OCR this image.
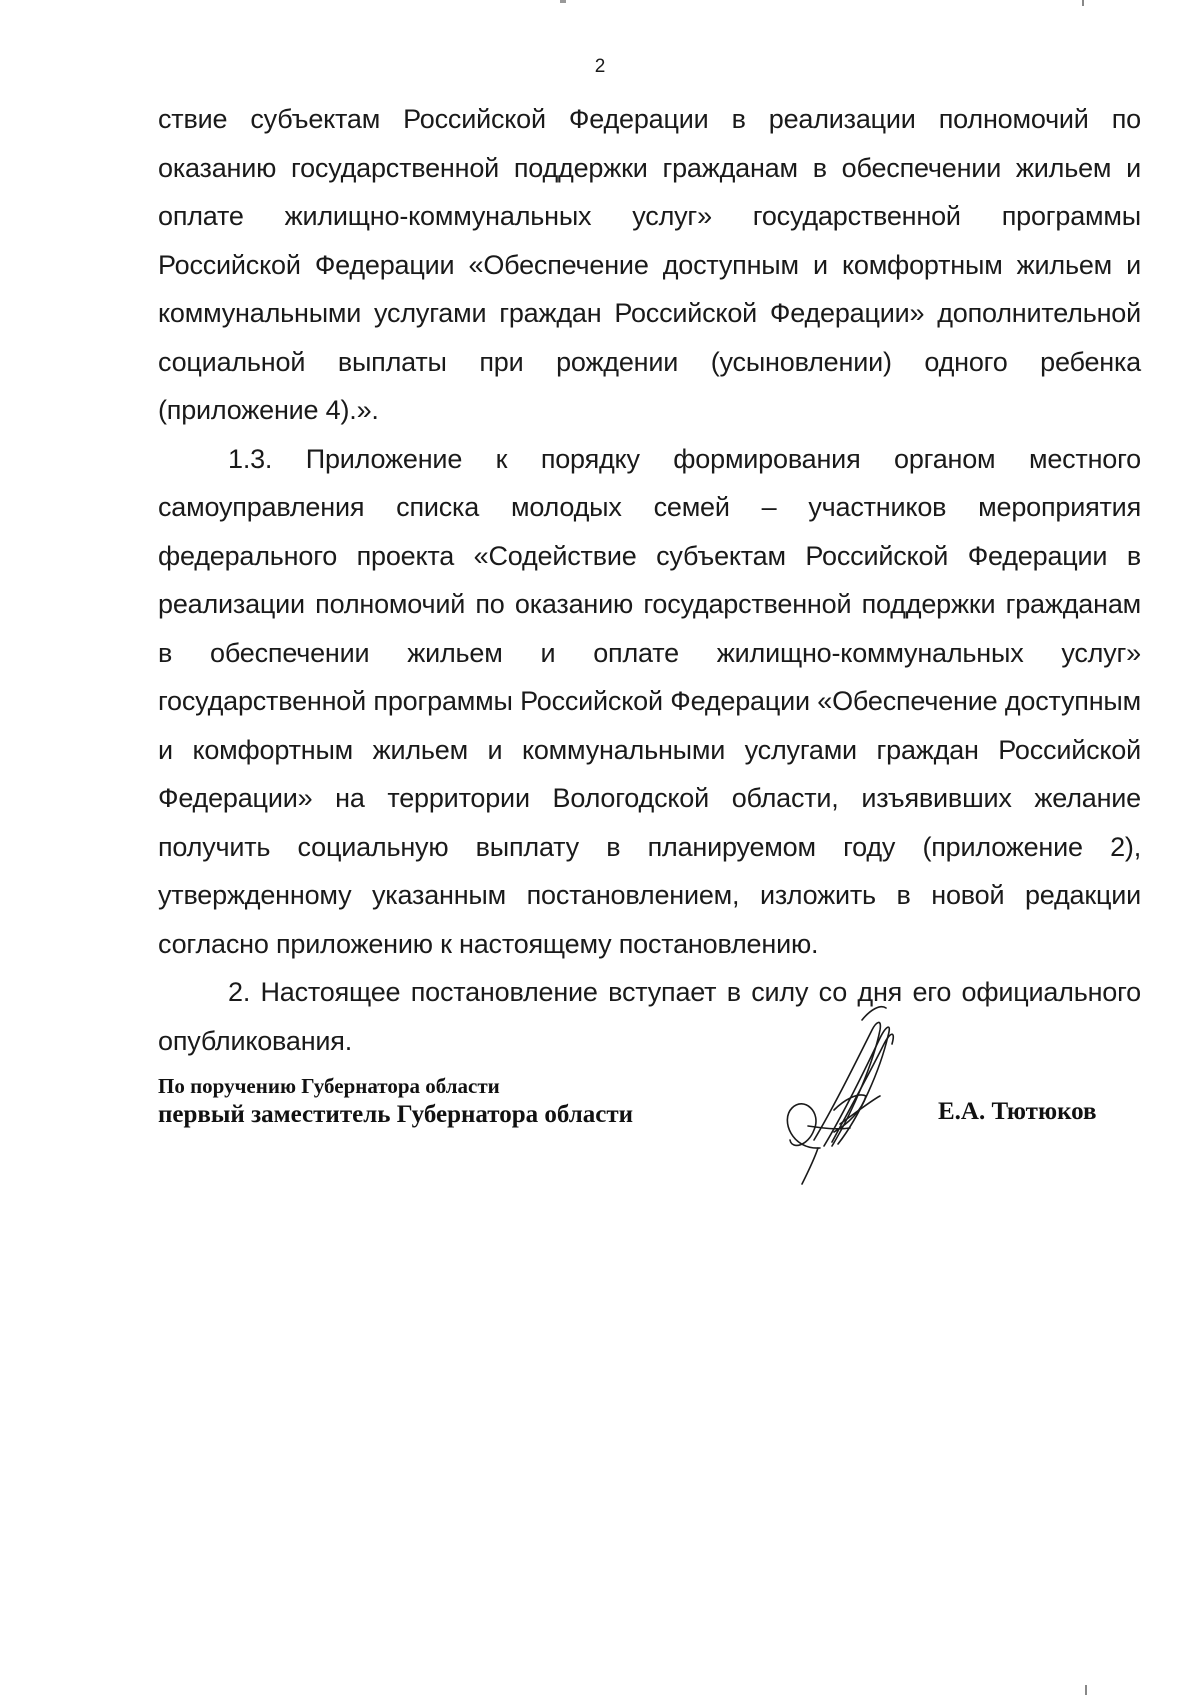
2

ствие субъектам Российской Федерации в реализации полномочий по оказанию государственной поддержки гражданам в обеспечении жильем и оплате жилищно-коммунальных услуг» государственной программы Российской Федерации «Обеспечение доступным и комфортным жильем и коммунальными услугами граждан Российской Федерации» дополнительной социальной выплаты при рождении (усыновлении) одного ребенка (приложение 4).».

1.3. Приложение к порядку формирования органом местного самоуправления списка молодых семей – участников мероприятия федерального проекта «Содействие субъектам Российской Федерации в реализации полномочий по оказанию государственной поддержки гражданам в обеспечении жильем и оплате жилищно-коммунальных услуг» государственной программы Российской Федерации «Обеспечение доступным и комфортным жильем и коммунальными услугами граждан Российской Федерации» на территории Вологодской области, изъявивших желание получить социальную выплату в планируемом году (приложение 2), утвержденному указанным постановлением, изложить в новой редакции согласно приложению к настоящему постановлению.

2. Настоящее постановление вступает в силу со дня его официального опубликования.

По поручению Губернатора области
первый заместитель Губернатора области	Е.А. Тютюков
